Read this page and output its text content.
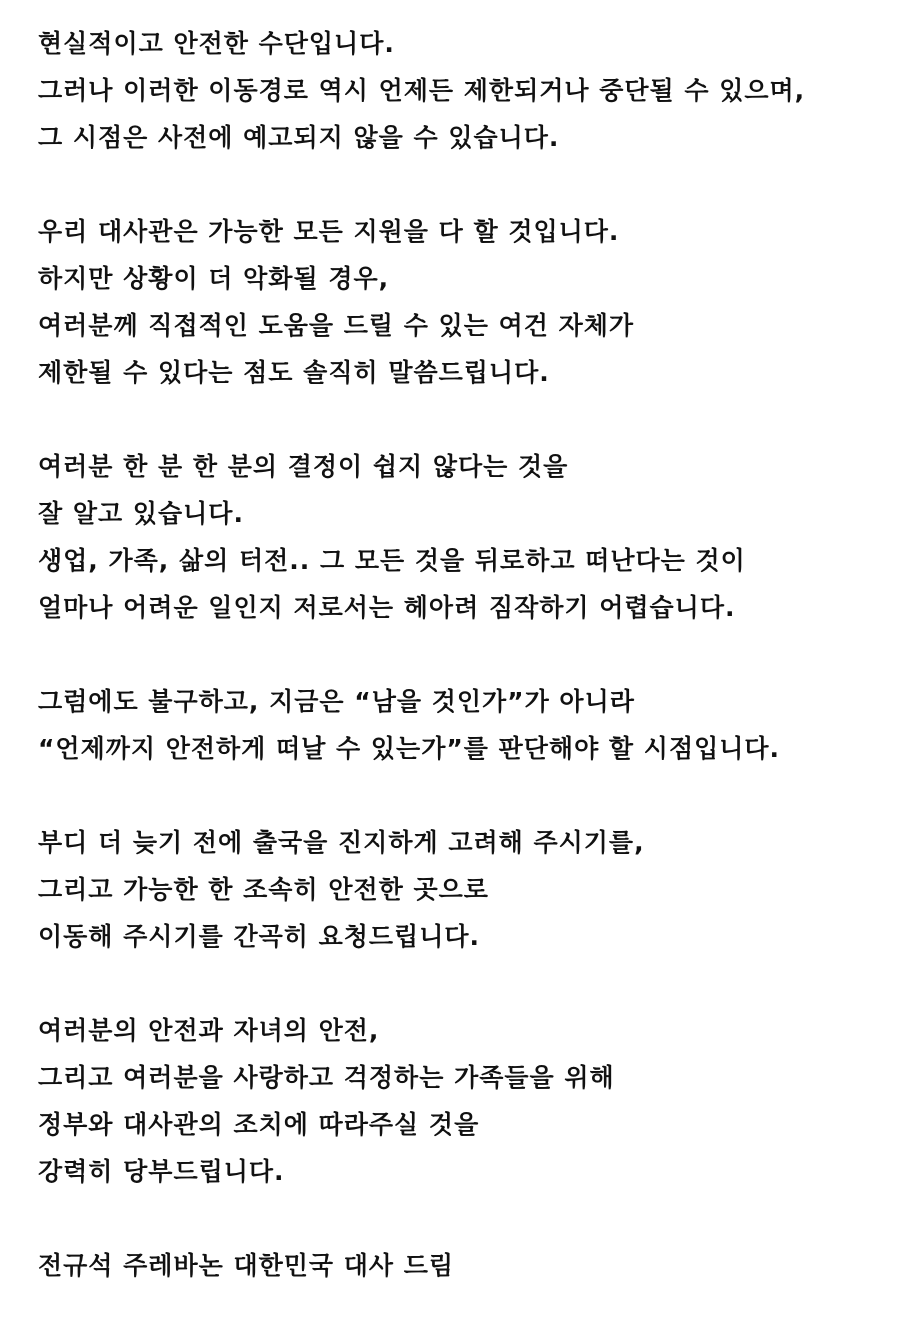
현실적이고 안전한 수단입니다.
그러나 이러한 이동경로 역시 언제든 제한되거나 중단될 수 있으며,
그 시점은 사전에 예고되지 않을 수 있습니다.
우리 대사관은 가능한 모든 지원을 다 할 것입니다.
하지만 상황이 더 악화될 경우,
여러분께 직접적인 도움을 드릴 수 있는 여건 자체가
제한될 수 있다는 점도 솔직히 말씀드립니다.
여러분 한 분 한 분의 결정이 쉽지 않다는 것을
잘 알고 있습니다.
생업, 가족, 삶의 터전.. 그 모든 것을 뒤로하고 떠난다는 것이
얼마나 어려운 일인지 저로서는 헤아려 짐작하기 어렵습니다.
그럼에도 불구하고, 지금은 “남을 것인가”가 아니라
“언제까지 안전하게 떠날 수 있는가”를 판단해야 할 시점입니다.
부디 더 늦기 전에 출국을 진지하게 고려해 주시기를,
그리고 가능한 한 조속히 안전한 곳으로
이동해 주시기를 간곡히 요청드립니다.
여러분의 안전과 자녀의 안전,
그리고 여러분을 사랑하고 걱정하는 가족들을 위해
정부와 대사관의 조치에 따라주실 것을
강력히 당부드립니다.
전규석 주레바논 대한민국 대사 드림
